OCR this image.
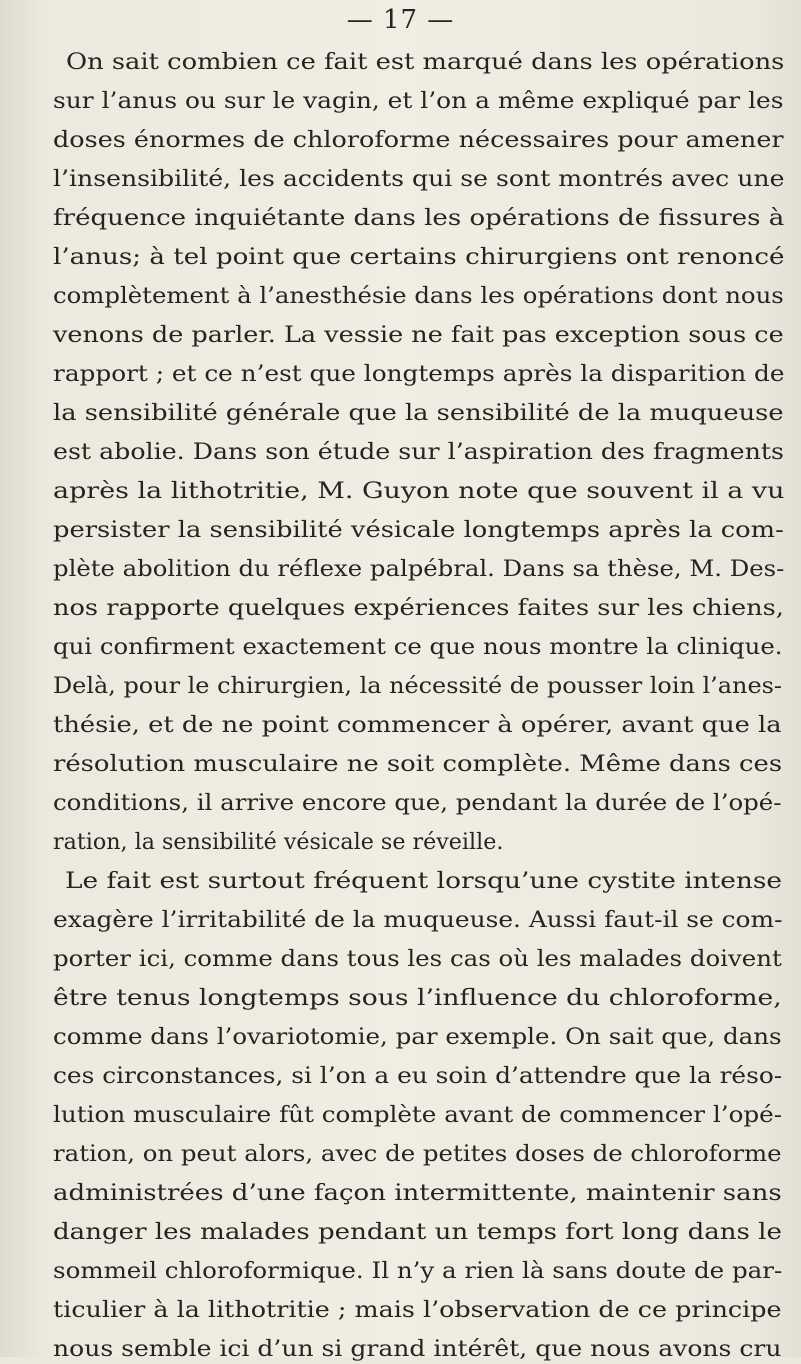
— 17 —
On sait combien ce fait est marqué dans les opérations
sur l’anus ou sur le vagin, et l’on a même expliqué par les
doses énormes de chloroforme nécessaires pour amener
l’insensibilité, les accidents qui se sont montrés avec une
fréquence inquiétante dans les opérations de fissures à
l’anus; à tel point que certains chirurgiens ont renoncé
complètement à l’anesthésie dans les opérations dont nous
venons de parler. La vessie ne fait pas exception sous ce
rapport ; et ce n’est que longtemps après la disparition de
la sensibilité générale que la sensibilité de la muqueuse
est abolie. Dans son étude sur l’aspiration des fragments
après la lithotritie, M. Guyon note que souvent il a vu
persister la sensibilité vésicale longtemps après la com-
plète abolition du réflexe palpébral. Dans sa thèse, M. Des-
nos rapporte quelques expériences faites sur les chiens,
qui confirment exactement ce que nous montre la clinique.
Delà, pour le chirurgien, la nécessité de pousser loin l’anes-
thésie, et de ne point commencer à opérer, avant que la
résolution musculaire ne soit complète. Même dans ces
conditions, il arrive encore que, pendant la durée de l’opé-
ration, la sensibilité vésicale se réveille.
Le fait est surtout fréquent lorsqu’une cystite intense
exagère l’irritabilité de la muqueuse. Aussi faut-il se com-
porter ici, comme dans tous les cas où les malades doivent
être tenus longtemps sous l’influence du chloroforme,
comme dans l’ovariotomie, par exemple. On sait que, dans
ces circonstances, si l’on a eu soin d’attendre que la réso-
lution musculaire fût complète avant de commencer l’opé-
ration, on peut alors, avec de petites doses de chloroforme
administrées d’une façon intermittente, maintenir sans
danger les malades pendant un temps fort long dans le
sommeil chloroformique. Il n’y a rien là sans doute de par-
ticulier à la lithotritie ; mais l’observation de ce principe
nous semble ici d’un si grand intérêt, que nous avons cru
